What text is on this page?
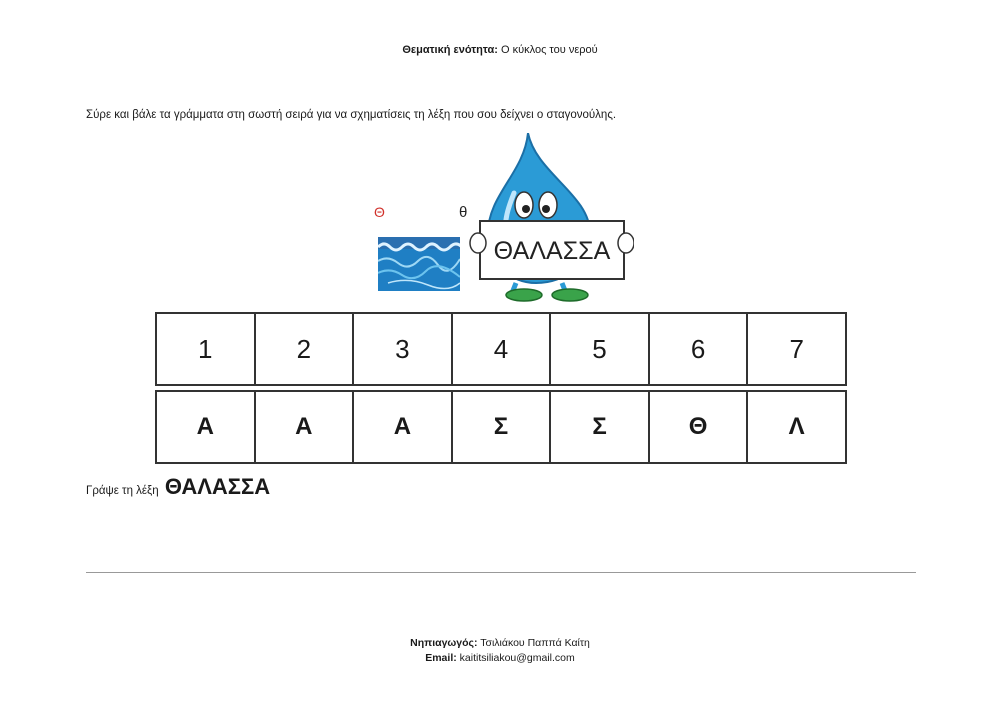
Θεματική ενότητα: Ο κύκλος του νερού
Σύρε και βάλε τα γράμματα στη σωστή σειρά για να σχηματίσεις τη λέξη που σου δείχνει ο σταγονούλης.
Θ	θ
ΘΑΛΑΣΣΑ
1	2	3	4	5	6	7
Α	Α	Α	Σ	Σ	Θ	Λ
Γράψε τη λέξη ΘΑΛΑΣΣΑ
Νηπιαγωγός: Τσιλιάκου Παππά Καίτη
Email: kaititsiliakou@gmail.com
